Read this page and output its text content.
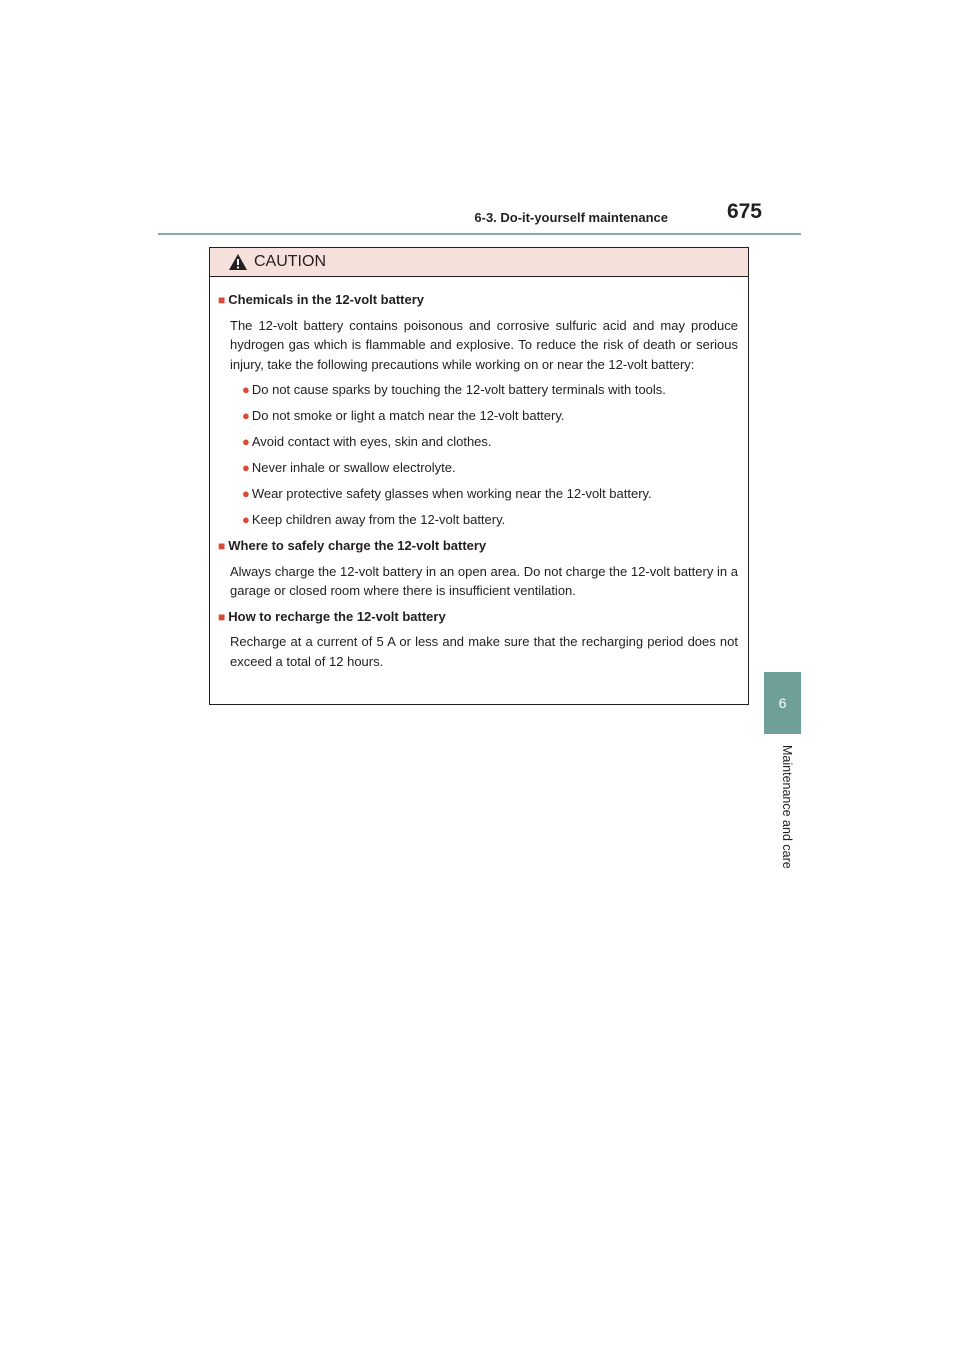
6-3. Do-it-yourself maintenance	675
6
Maintenance and care
CAUTION
■ Chemicals in the 12-volt battery

The 12-volt battery contains poisonous and corrosive sulfuric acid and may produce hydrogen gas which is flammable and explosive. To reduce the risk of death or serious injury, take the following precautions while working on or near the 12-volt battery:

● Do not cause sparks by touching the 12-volt battery terminals with tools.
● Do not smoke or light a match near the 12-volt battery.
● Avoid contact with eyes, skin and clothes.
● Never inhale or swallow electrolyte.
● Wear protective safety glasses when working near the 12-volt battery.
● Keep children away from the 12-volt battery.
■ Where to safely charge the 12-volt battery

Always charge the 12-volt battery in an open area. Do not charge the 12-volt battery in a garage or closed room where there is insufficient ventilation.

■ How to recharge the 12-volt battery

Recharge at a current of 5 A or less and make sure that the recharging period does not exceed a total of 12 hours.
